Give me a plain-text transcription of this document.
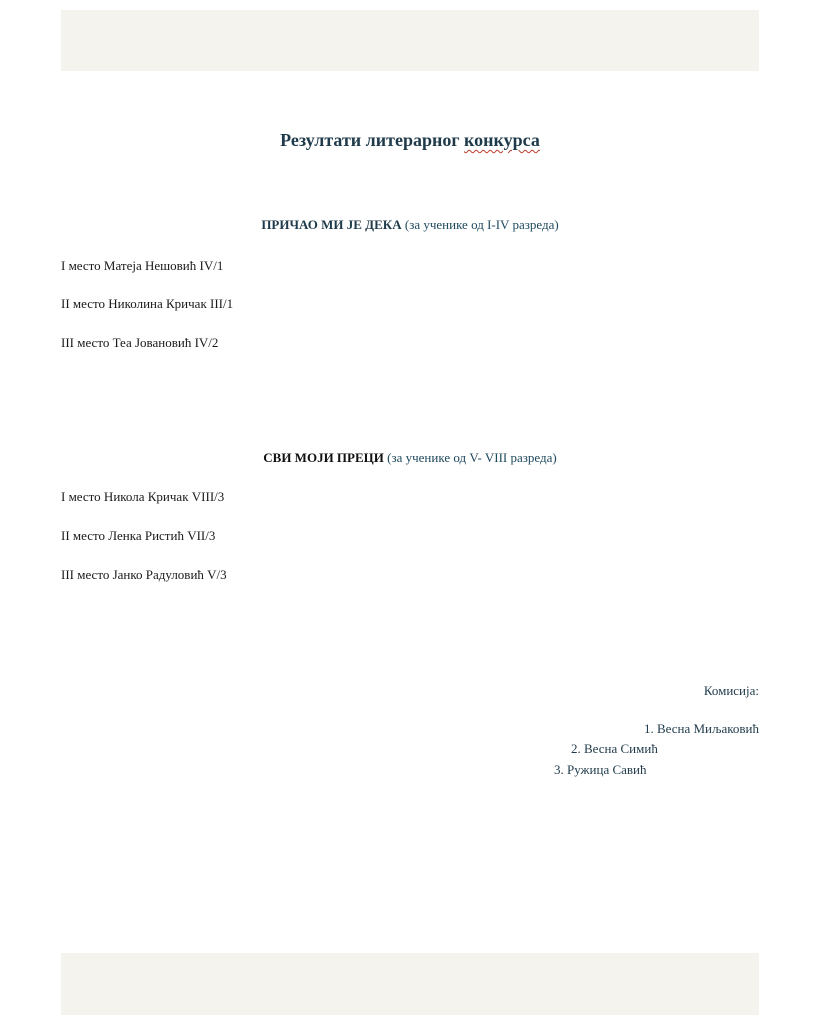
Резултати литерарног конкурса
ПРИЧАО МИ ЈЕ ДЕКА (за ученике од I-IV разреда)
I место Матеја Нешовић IV/1
II место Николина Кричак III/1
III место Теа Јовановић IV/2
СВИ МОЈИ ПРЕЦИ (за ученике од V- VIII разреда)
I место Никола Кричак VIII/3
II место Ленка Ристић VII/3
III место Јанко Радуловић V/3
Комисија:
1. Весна Миљаковић
2. Весна Симић
3. Ружица Савић
